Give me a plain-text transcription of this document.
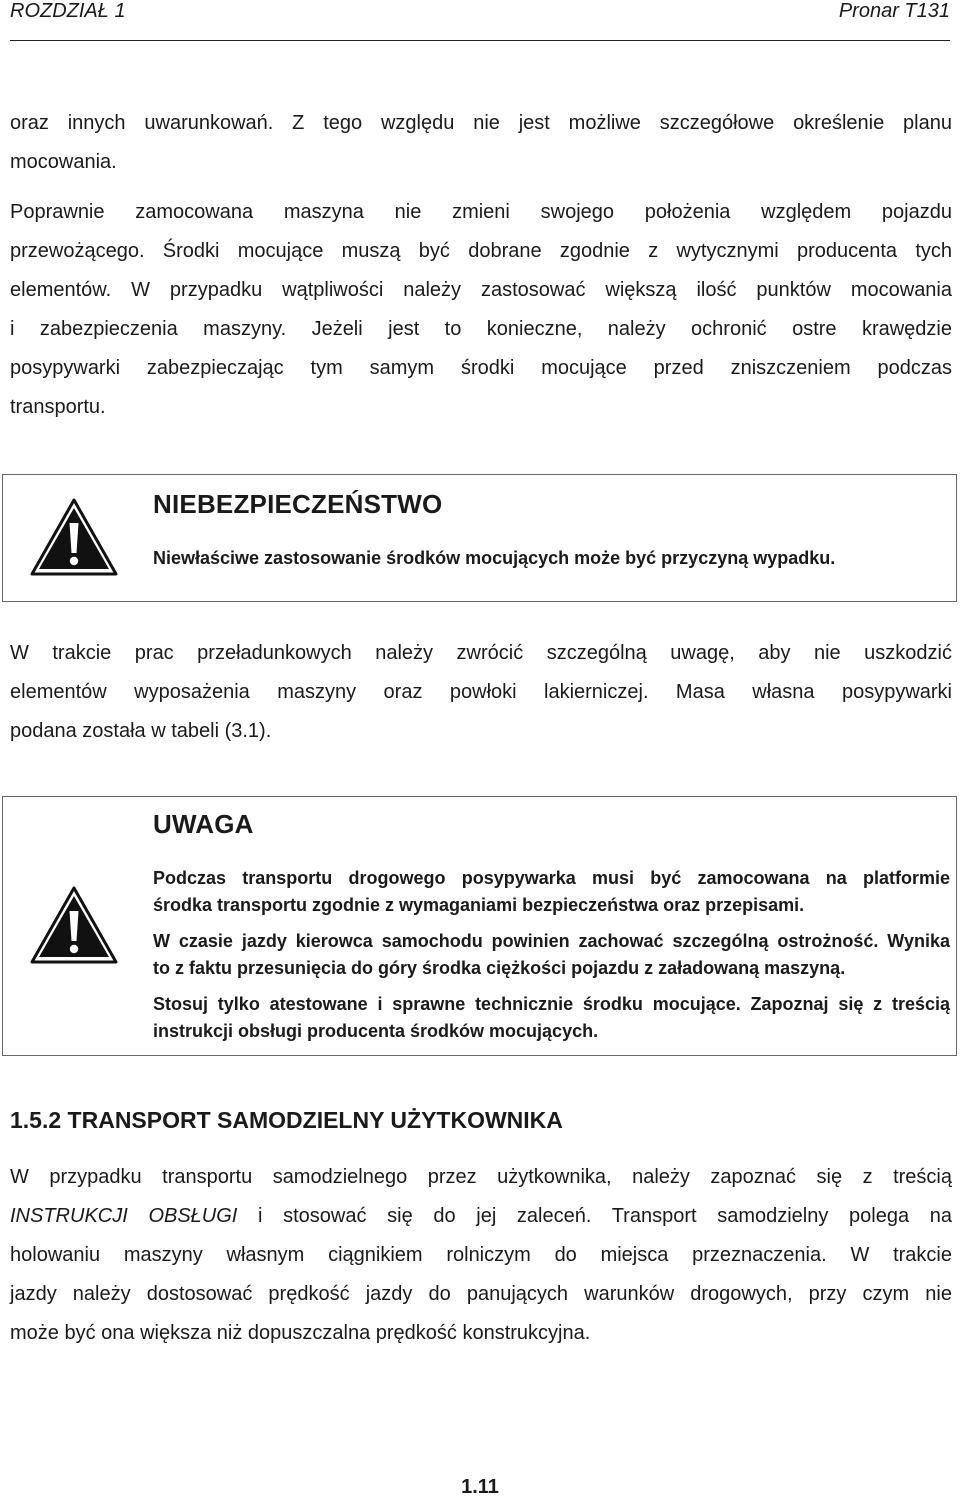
ROZDZIAŁ 1	Pronar T131

oraz innych uwarunkowań. Z tego względu nie jest możliwe szczegółowe określenie planu
mocowania.

Poprawnie zamocowana maszyna nie zmieni swojego położenia względem pojazdu
przewożącego. Środki mocujące muszą być dobrane zgodnie z wytycznymi producenta tych
elementów. W przypadku wątpliwości należy zastosować większą ilość punktów mocowania
i zabezpieczenia maszyny. Jeżeli jest to konieczne, należy ochronić ostre krawędzie
posypywarki zabezpieczając tym samym środki mocujące przed zniszczeniem podczas
transportu.

NIEBEZPIECZEŃSTWO

Niewłaściwe zastosowanie środków mocujących może być przyczyną wypadku.

W trakcie prac przeładunkowych należy zwrócić szczególną uwagę, aby nie uszkodzić
elementów wyposażenia maszyny oraz powłoki lakierniczej. Masa własna posypywarki
podana została w tabeli (3.1).

UWAGA

Podczas transportu drogowego posypywarka musi być zamocowana na platformie
środka transportu zgodnie z wymaganiami bezpieczeństwa oraz przepisami.

W czasie jazdy kierowca samochodu powinien zachować szczególną ostrożność. Wynika
to z faktu przesunięcia do góry środka ciężkości pojazdu z załadowaną maszyną.

Stosuj tylko atestowane i sprawne technicznie środku mocujące. Zapoznaj się z treścią
instrukcji obsługi producenta środków mocujących.

1.5.2 TRANSPORT SAMODZIELNY UŻYTKOWNIKA

W przypadku transportu samodzielnego przez użytkownika, należy zapoznać się z treścią
INSTRUKCJI OBSŁUGI i stosować się do jej zaleceń. Transport samodzielny polega na
holowaniu maszyny własnym ciągnikiem rolniczym do miejsca przeznaczenia. W trakcie
jazdy należy dostosować prędkość jazdy do panujących warunków drogowych, przy czym nie
może być ona większa niż dopuszczalna prędkość konstrukcyjna.

1.11
